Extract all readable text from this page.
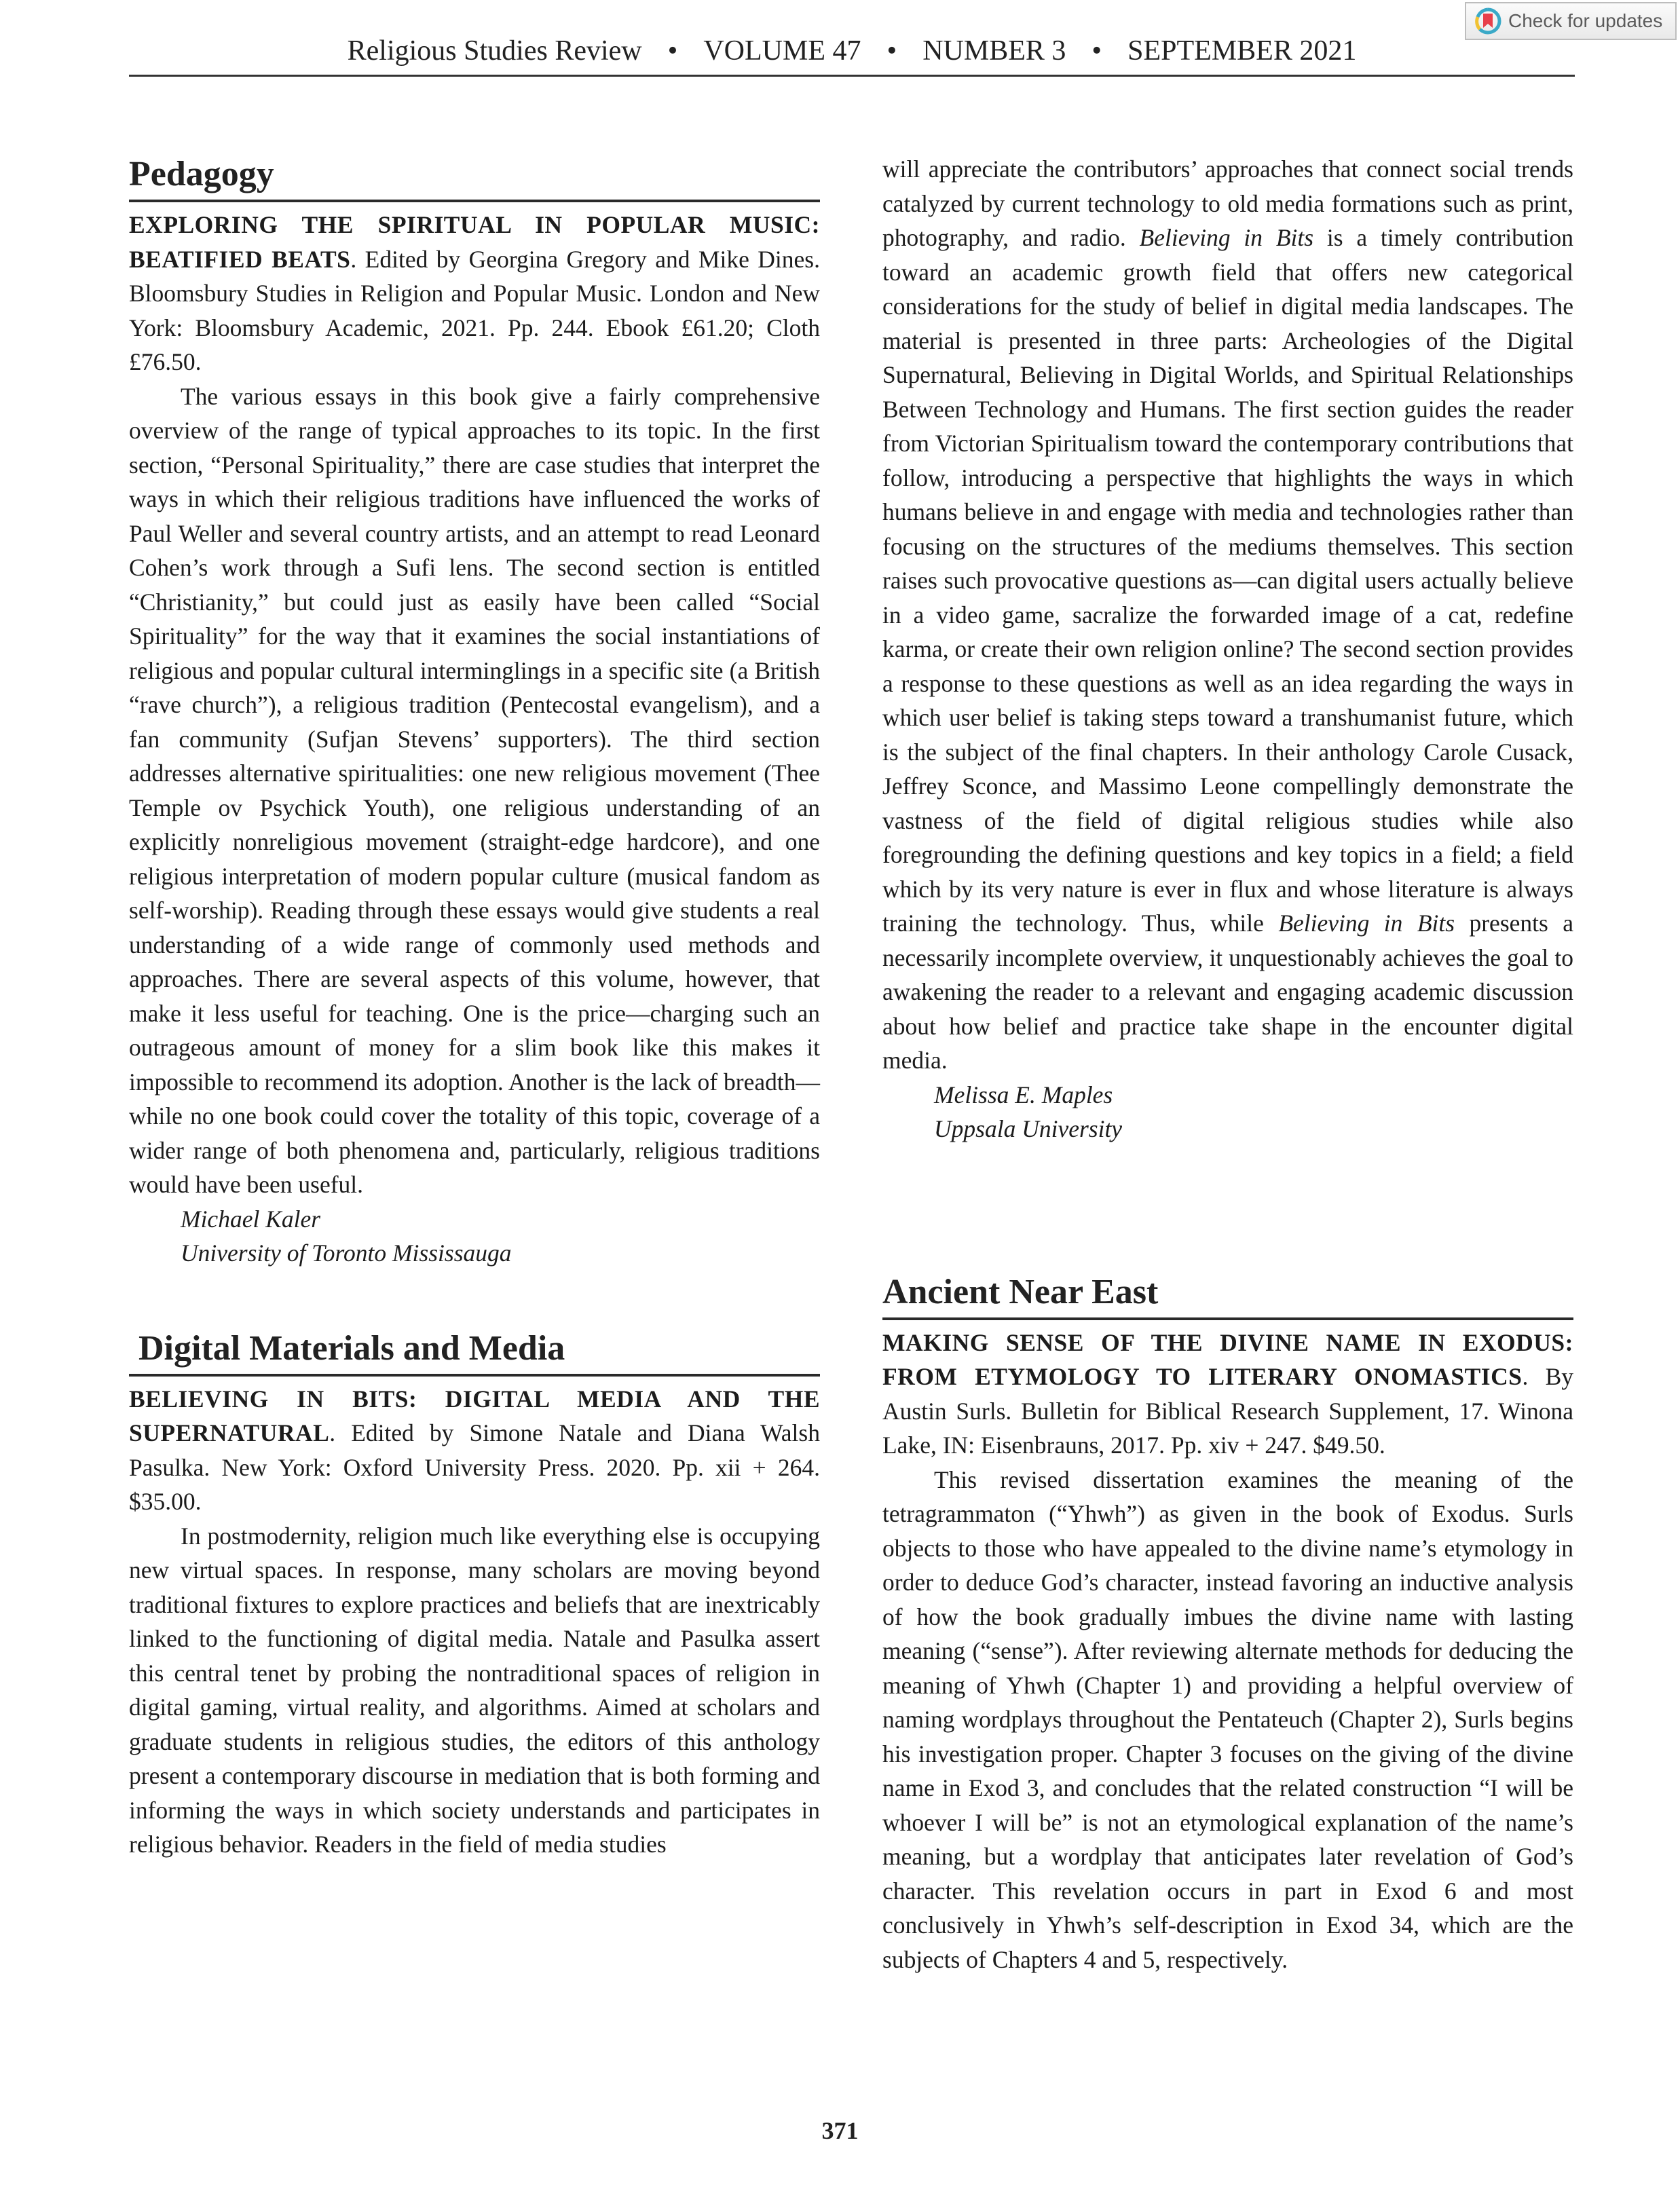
Religious Studies Review • VOLUME 47 • NUMBER 3 • SEPTEMBER 2021
Check for updates
Pedagogy

EXPLORING THE SPIRITUAL IN POPULAR MUSIC: BEATIFIED BEATS. Edited by Georgina Gregory and Mike Dines. Bloomsbury Studies in Religion and Popular Music. London and New York: Bloomsbury Academic, 2021. Pp. 244. Ebook £61.20; Cloth £76.50.

The various essays in this book give a fairly comprehensive overview of the range of typical approaches to its topic. In the first section, “Personal Spirituality,” there are case studies that interpret the ways in which their religious traditions have influenced the works of Paul Weller and several country artists, and an attempt to read Leonard Cohen’s work through a Sufi lens. The second section is entitled “Christianity,” but could just as easily have been called “Social Spirituality” for the way that it examines the social instantiations of religious and popular cultural interminglings in a specific site (a British “rave church”), a religious tradition (Pentecostal evangelism), and a fan community (Sufjan Stevens’ supporters). The third section addresses alternative spiritualities: one new religious movement (Thee Temple ov Psychick Youth), one religious understanding of an explicitly nonreligious movement (straight-edge hardcore), and one religious interpretation of modern popular culture (musical fandom as self-worship). Reading through these essays would give students a real understanding of a wide range of commonly used methods and approaches. There are several aspects of this volume, however, that make it less useful for teaching. One is the price—charging such an outrageous amount of money for a slim book like this makes it impossible to recommend its adoption. Another is the lack of breadth—while no one book could cover the totality of this topic, coverage of a wider range of both phenomena and, particularly, religious traditions would have been useful.

Michael Kaler

University of Toronto Mississauga

Digital Materials and Media

BELIEVING IN BITS: DIGITAL MEDIA AND THE SUPERNATURAL. Edited by Simone Natale and Diana Walsh Pasulka. New York: Oxford University Press. 2020. Pp. xii + 264. $35.00.

In postmodernity, religion much like everything else is occupying new virtual spaces. In response, many scholars are moving beyond traditional fixtures to explore practices and beliefs that are inextricably linked to the functioning of digital media. Natale and Pasulka assert this central tenet by probing the nontraditional spaces of religion in digital gaming, virtual reality, and algorithms. Aimed at scholars and graduate students in religious studies, the editors of this anthology present a contemporary discourse in mediation that is both forming and informing the ways in which society understands and participates in religious behavior. Readers in the field of media studies

will appreciate the contributors’ approaches that connect social trends catalyzed by current technology to old media formations such as print, photography, and radio. Believing in Bits is a timely contribution toward an academic growth field that offers new categorical considerations for the study of belief in digital media landscapes. The material is presented in three parts: Archeologies of the Digital Supernatural, Believing in Digital Worlds, and Spiritual Relationships Between Technology and Humans. The first section guides the reader from Victorian Spiritualism toward the contemporary contributions that follow, introducing a perspective that highlights the ways in which humans believe in and engage with media and technologies rather than focusing on the structures of the mediums themselves. This section raises such provocative questions as—can digital users actually believe in a video game, sacralize the forwarded image of a cat, redefine karma, or create their own religion online? The second section provides a response to these questions as well as an idea regarding the ways in which user belief is taking steps toward a transhumanist future, which is the subject of the final chapters. In their anthology Carole Cusack, Jeffrey Sconce, and Massimo Leone compellingly demonstrate the vastness of the field of digital religious studies while also foregrounding the defining questions and key topics in a field; a field which by its very nature is ever in flux and whose literature is always training the technology. Thus, while Believing in Bits presents a necessarily incomplete overview, it unquestionably achieves the goal to awakening the reader to a relevant and engaging academic discussion about how belief and practice take shape in the encounter digital media.

Melissa E. Maples

Uppsala University

Ancient Near East

MAKING SENSE OF THE DIVINE NAME IN EXODUS: FROM ETYMOLOGY TO LITERARY ONOMASTICS. By Austin Surls. Bulletin for Biblical Research Supplement, 17. Winona Lake, IN: Eisenbrauns, 2017. Pp. xiv + 247. $49.50.

This revised dissertation examines the meaning of the tetragrammaton (“Yhwh”) as given in the book of Exodus. Surls objects to those who have appealed to the divine name’s etymology in order to deduce God’s character, instead favoring an inductive analysis of how the book gradually imbues the divine name with lasting meaning (“sense”). After reviewing alternate methods for deducing the meaning of Yhwh (Chapter 1) and providing a helpful overview of naming wordplays throughout the Pentateuch (Chapter 2), Surls begins his investigation proper. Chapter 3 focuses on the giving of the divine name in Exod 3, and concludes that the related construction “I will be whoever I will be” is not an etymological explanation of the name’s meaning, but a wordplay that anticipates later revelation of God’s character. This revelation occurs in part in Exod 6 and most conclusively in Yhwh’s self-description in Exod 34, which are the subjects of Chapters 4 and 5, respectively.

371
